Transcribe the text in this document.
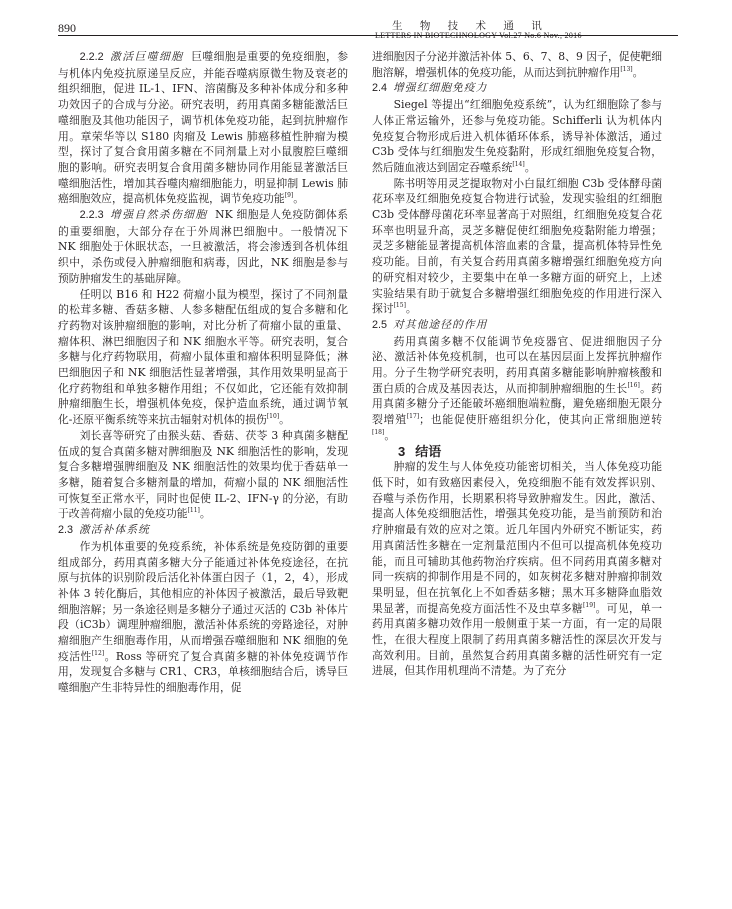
890	生 物 技 术 通 讯
LETTERS IN BIOTECHNOLOGY Vol.27 No.6 Nov., 2016

2.2.2 激活巨噬细胞 巨噬细胞是重要的免疫细胞，参与机体内免疫抗原递呈反应，并能吞噬病原微生物及衰老的组织细胞，促进 IL-1、IFN、溶菌酶及多种补体成分和多种功效因子的合成与分泌。研究表明，药用真菌多糖能激活巨噬细胞及其他功能因子，调节机体免疫功能，起到抗肿瘤作用。章荣华等以 S180 肉瘤及 Lewis 肺癌移植性肿瘤为模型，探讨了复合食用菌多糖在不同剂量上对小鼠腹腔巨噬细胞的影响。研究表明复合食用菌多糖协同作用能显著激活巨噬细胞活性，增加其吞噬肉瘤细胞能力，明显抑制 Lewis 肺癌细胞效应，提高机体免疫监视，调节免疫功能[9]。

2.2.3 增强自然杀伤细胞 NK 细胞是人免疫防御体系的重要细胞，大部分存在于外周淋巴细胞中。一般情况下 NK 细胞处于休眠状态，一旦被激活，将会渗透到各机体组织中，杀伤或侵入肿瘤细胞和病毒，因此，NK 细胞是参与预防肿瘤发生的基础屏障。

任明以 B16 和 H22 荷瘤小鼠为模型，探讨了不同剂量的松茸多糖、香菇多糖、人参多糖配伍组成的复合多糖和化疗药物对该肿瘤细胞的影响，对比分析了荷瘤小鼠的重量、瘤体积、淋巴细胞因子和 NK 细胞水平等。研究表明，复合多糖与化疗药物联用，荷瘤小鼠体重和瘤体积明显降低；淋巴细胞因子和 NK 细胞活性显著增强，其作用效果明显高于化疗药物组和单独多糖作用组；不仅如此，它还能有效抑制肿瘤细胞生长，增强机体免疫，保护造血系统，通过调节氧化-还原平衡系统等来抗击辐射对机体的损伤[10]。

刘长喜等研究了由猴头菇、香菇、茯苓 3 种真菌多糖配伍成的复合真菌多糖对脾细胞及 NK 细胞活性的影响，发现复合多糖增强脾细胞及 NK 细胞活性的效果均优于香菇单一多糖，随着复合多糖剂量的增加，荷瘤小鼠的 NK 细胞活性可恢复至正常水平，同时也促使 IL-2、IFN-γ 的分泌，有助于改善荷瘤小鼠的免疫功能[11]。

2.3 激活补体系统

作为机体重要的免疫系统，补体系统是免疫防御的重要组成部分，药用真菌多糖大分子能通过补体免疫途径，在抗原与抗体的识别阶段后活化补体蛋白因子（1，2，4），形成补体 3 转化酶后，其他相应的补体因子被激活，最后导致靶细胞溶解；另一条途径则是多糖分子通过灭活的 C3b 补体片段（iC3b）调理肿瘤细胞，激活补体系统的旁路途径，对肿瘤细胞产生细胞毒作用，从而增强吞噬细胞和 NK 细胞的免疫活性[12]。Ross 等研究了复合真菌多糖的补体免疫调节作用，发现复合多糖与 CR1、CR3，单核细胞结合后，诱导巨噬细胞产生非特异性的细胞毒作用，促

进细胞因子分泌并激活补体 5、6、7、8、9 因子，促使靶细胞溶解，增强机体的免疫功能，从而达到抗肿瘤作用[13]。

2.4 增强红细胞免疫力

Siegel 等提出“红细胞免疫系统”，认为红细胞除了参与人体正常运输外，还参与免疫功能。Schifferli 认为机体内免疫复合物形成后进入机体循环体系，诱导补体激活，通过 C3b 受体与红细胞发生免疫黏附，形成红细胞免疫复合物，然后随血液达到固定吞噬系统[14]。

陈书明等用灵芝提取物对小白鼠红细胞 C3b 受体酵母菌花环率及红细胞免疫复合物进行试验，发现实验组的红细胞 C3b 受体酵母菌花环率显著高于对照组，红细胞免疫复合花环率也明显升高，灵芝多糖促使红细胞免疫黏附能力增强；灵芝多糖能显著提高机体溶血素的含量，提高机体特异性免疫功能。目前，有关复合药用真菌多糖增强红细胞免疫方向的研究相对较少，主要集中在单一多糖方面的研究上，上述实验结果有助于就复合多糖增强红细胞免疫的作用进行深入探讨[15]。

2.5 对其他途径的作用

药用真菌多糖不仅能调节免疫器官、促进细胞因子分泌、激活补体免疫机制，也可以在基因层面上发挥抗肿瘤作用。分子生物学研究表明，药用真菌多糖能影响肿瘤核酸和蛋白质的合成及基因表达，从而抑制肿瘤细胞的生长[16]。药用真菌多糖分子还能破坏癌细胞端粒酶，避免癌细胞无限分裂增殖[17]；也能促使肝癌组织分化，使其向正常细胞逆转[18]。

3 结语

肿瘤的发生与人体免疫功能密切相关，当人体免疫功能低下时，如有致癌因素侵入，免疫细胞不能有效发挥识别、吞噬与杀伤作用，长期累积将导致肿瘤发生。因此，激活、提高人体免疫细胞活性，增强其免疫功能，是当前预防和治疗肿瘤最有效的应对之策。近几年国内外研究不断证实，药用真菌活性多糖在一定剂量范围内不但可以提高机体免疫功能，而且可辅助其他药物治疗疾病。但不同药用真菌多糖对同一疾病的抑制作用是不同的，如灰树花多糖对肿瘤抑制效果明显，但在抗氧化上不如香菇多糖；黑木耳多糖降血脂效果显著，而提高免疫方面活性不及虫草多糖[19]。可见，单一药用真菌多糖功效作用一般侧重于某一方面，有一定的局限性，在很大程度上限制了药用真菌多糖活性的深层次开发与高效利用。目前，虽然复合药用真菌多糖的活性研究有一定进展，但其作用机理尚不清楚。为了充分
